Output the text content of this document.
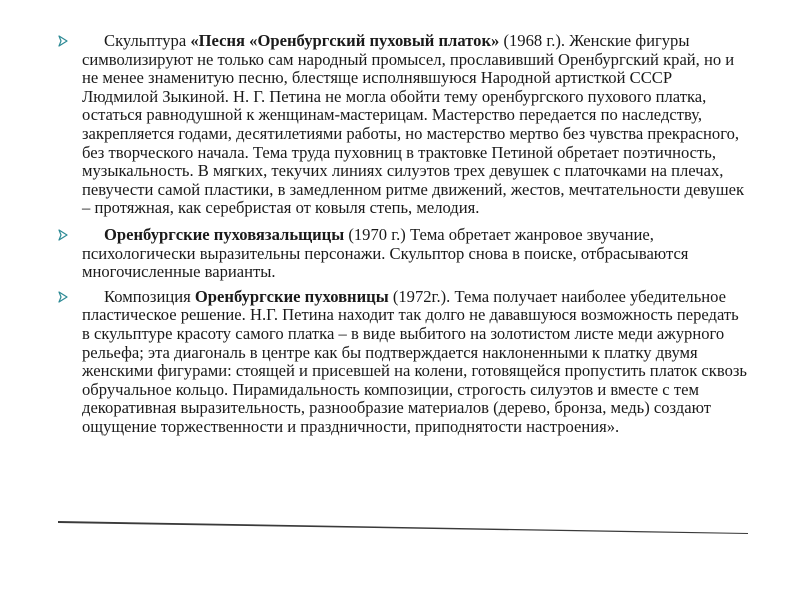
Скульптура «Песня «Оренбургский пуховый платок» (1968 г.). Женские фигуры символизируют не только сам народный промысел, прославивший Оренбургский край, но и не менее знаменитую песню, блестяще исполнявшуюся Народной артисткой СССР Людмилой Зыкиной. Н. Г. Петина не могла обойти тему оренбургского пухового платка, остаться равнодушной к женщинам-мастерицам. Мастерство передается по наследству, закрепляется годами, десятилетиями работы, но мастерство мертво без чувства прекрасного, без творческого начала. Тема труда пуховниц в трактовке Петиной обретает поэтичность, музыкальность. В мягких, текучих линиях силуэтов трех девушек с платочками на плечах, певучести самой пластики, в замедленном ритме движений, жестов, мечтательности девушек – протяжная, как серебристая от ковыля степь, мелодия.

Оренбургские пуховязальщицы (1970 г.) Тема обретает жанровое звучание, психологически выразительны персонажи. Скульптор снова в поиске, отбрасываются многочисленные варианты.

Композиция Оренбургские пуховницы (1972г.). Тема получает наиболее убедительное пластическое решение. Н.Г. Петина находит так долго не дававшуюся возможность передать в скульптуре красоту самого платка – в виде выбитого на золотистом листе меди ажурного рельефа; эта диагональ в центре как бы подтверждается наклоненными к платку двумя женскими фигурами: стоящей и присевшей на колени, готовящейся пропустить платок сквозь обручальное кольцо. Пирамидальность композиции, строгость силуэтов и вместе с тем декоративная выразительность, разнообразие материалов (дерево, бронза, медь) создают ощущение торжественности и праздничности, приподнятости настроения».
